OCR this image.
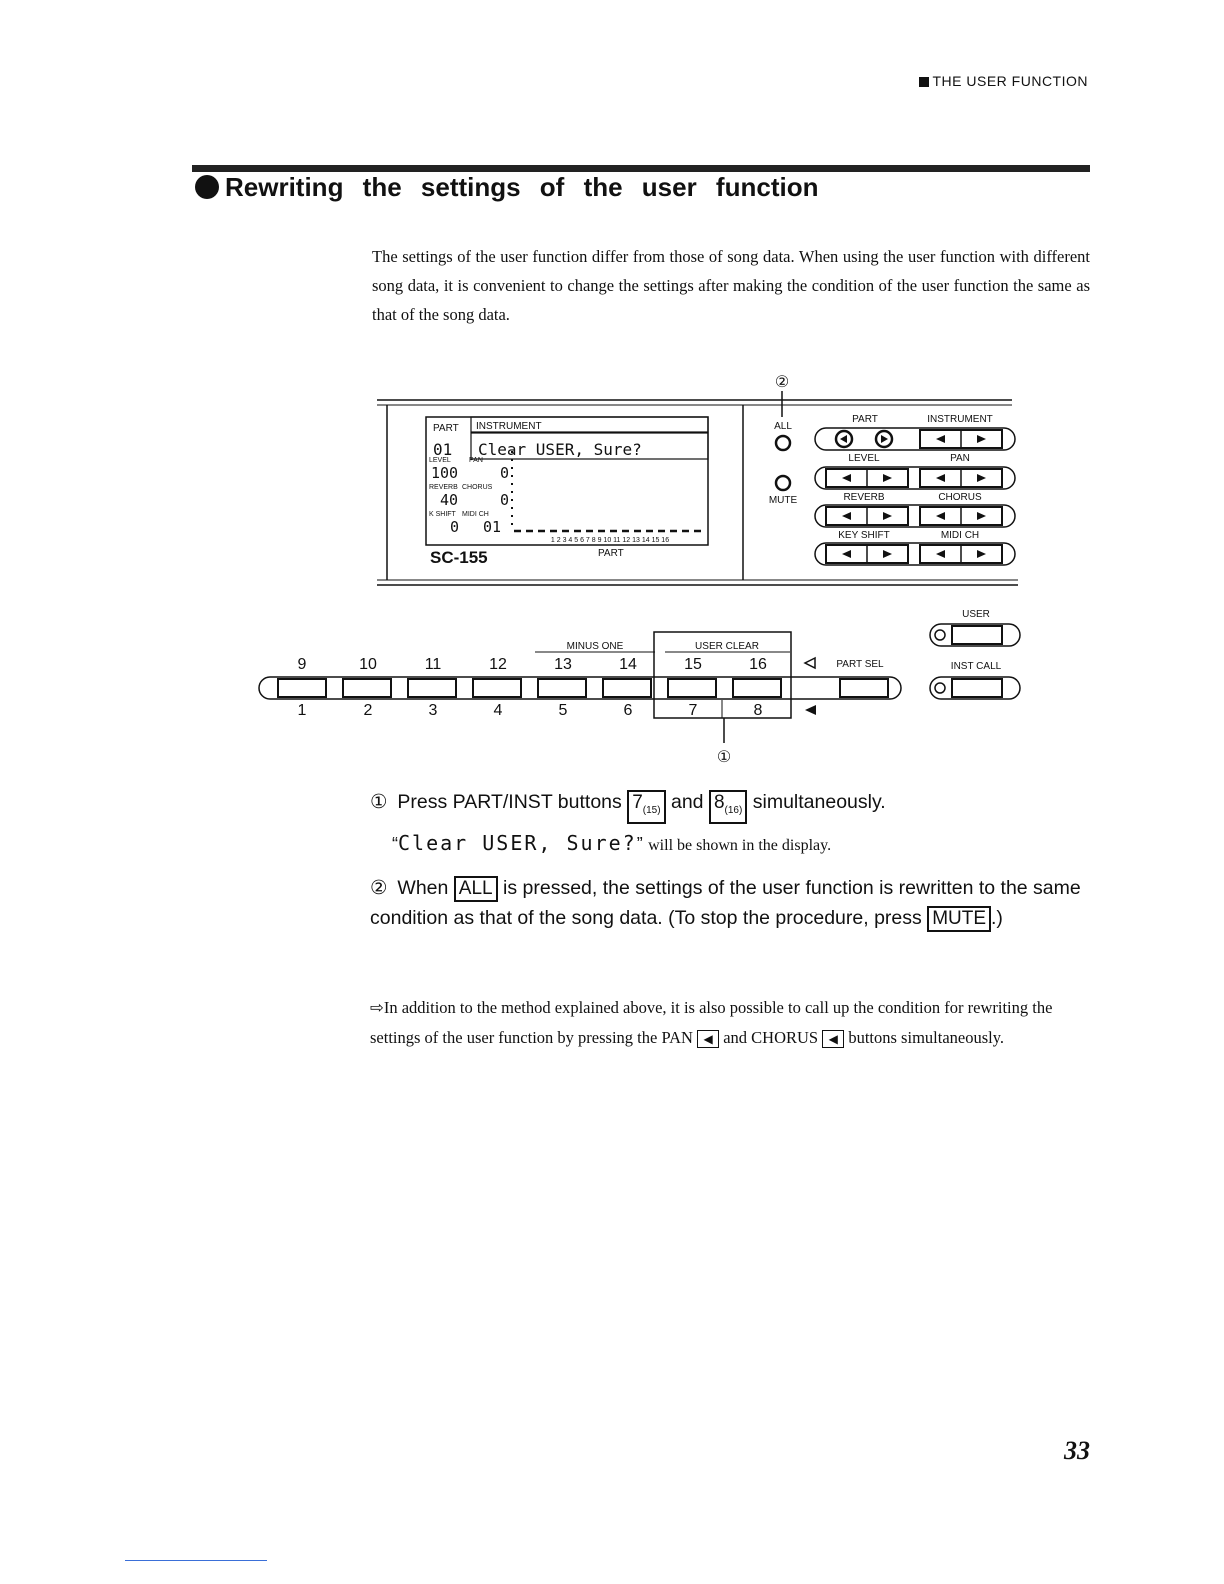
THE USER FUNCTION
Rewriting the settings of the user function

The settings of the user function differ from those of song data. When using the user function with different song data, it is convenient to change the settings after making the condition of the user function the same as that of the song data.

②
PART INSTRUMENT
01 Clear USER, Sure?
LEVEL	PAN
100	0
REVERB CHORUS
40	0
K SHIFT MIDI CH
0 01
1 2 3 4 5 6 7 8 9 10 11 12 13 14 15 16
SC-155	PART
ALL
MUTE
PART	INSTRUMENT
LEVEL	PAN
REVERB	CHORUS
KEY SHIFT	MIDI CH
USER
MINUS ONE	USER CLEAR
9	10	11	12	13	14	15	16	PART SEL	INST CALL
1	2	3	4	5	6	7	8
①
① Press PART/INST buttons $7_{(15)}$ and $8_{(16)}$ simultaneously.
“Clear USER, Sure?” will be shown in the display.
② When ALL is pressed, the settings of the user function is rewritten to the same condition as that of the song data. (To stop the procedure, press MUTE .)
⇨In addition to the method explained above, it is also possible to call up the condition for rewriting the settings of the user function by pressing the PAN ◀ and CHORUS ◀ buttons simultaneously.
33
